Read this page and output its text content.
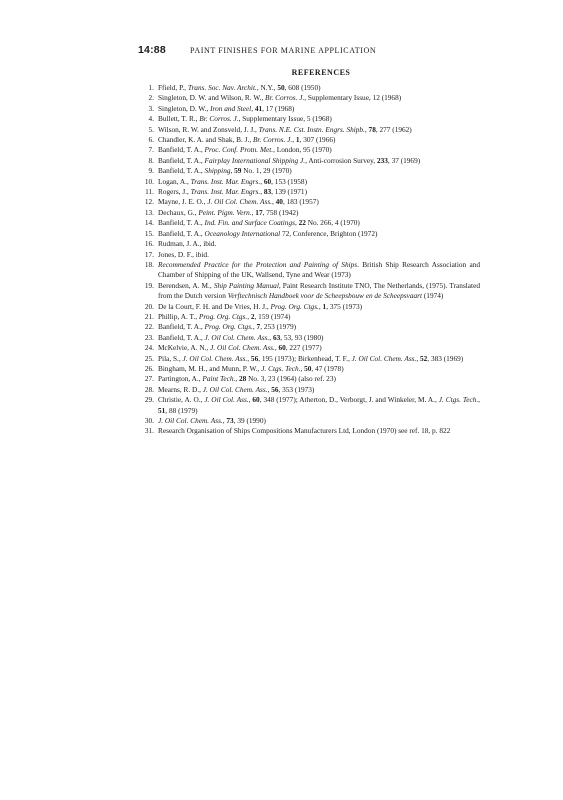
14:88	PAINT FINISHES FOR MARINE APPLICATION
REFERENCES
1. Ffield, P., Trans. Soc. Nav. Archit., N.Y., 50, 608 (1950)
2. Singleton, D. W. and Wilson, R. W., Br. Corros. J., Supplementary Issue, 12 (1968)
3. Singleton, D. W., Iron and Steel, 41, 17 (1968)
4. Bullett, T. R., Br. Corros. J., Supplementary Issue, 5 (1968)
5. Wilson, R. W. and Zonsveld, J. J., Trans. N.E. Cst. Instn. Engrs. Shipb., 78, 277 (1962)
6. Chandler, K. A. and Shak, B. J., Br. Corros. J., 1, 307 (1966)
7. Banfield, T. A., Proc. Conf. Protn. Met., London, 95 (1970)
8. Banfield, T. A., Fairplay International Shipping J., Anti-corrosion Survey, 233, 37 (1969)
9. Banfield, T. A., Shipping, 59 No. 1, 29 (1970)
10. Logan, A., Trans. Inst. Mar. Engrs., 60, 153 (1958)
11. Rogers, J., Trans. Inst. Mar. Engrs., 83, 139 (1971)
12. Mayne, J. E. O., J. Oil Col. Chem. Ass., 40, 183 (1957)
13. Dechaux, G., Peint. Pigm. Vern., 17, 758 (1942)
14. Banfield, T. A., Ind. Fin. and Surface Coatings, 22 No. 266, 4 (1970)
15. Banfield, T. A., Oceanology International 72, Conference, Brighton (1972)
16. Rudman, J. A., ibid.
17. Jones, D. F., ibid.
18. Recommended Practice for the Protection and Painting of Ships. British Ship Research Association and Chamber of Shipping of the UK, Wallsend, Tyne and Wear (1973)
19. Berendsen, A. M., Ship Painting Manual, Paint Research Institute TNO, The Netherlands, (1975). Translated from the Dutch version Verftechnisch Handboek voor de Scheepsbouw en de Scheepsvaart (1974)
20. De la Court, F. H. and De Vries, H. J., Prog. Org. Ctgs., 1, 375 (1973)
21. Phillip, A. T., Prog. Org. Ctgs., 2, 159 (1974)
22. Banfield, T. A., Prog. Org. Ctgs., 7, 253 (1979)
23. Banfield, T. A., J. Oil Col. Chem. Ass., 63, 53, 93 (1980)
24. McKelvie, A. N., J. Oil Col. Chem. Ass., 60, 227 (1977)
25. Pila, S., J. Oil Col. Chem. Ass., 56, 195 (1973); Birkenhead, T. F., J. Oil Col. Chem. Ass., 52, 383 (1969)
26. Bingham, M. H., and Munn, P. W., J. Ctgs. Tech., 50, 47 (1978)
27. Partington, A., Paint Tech., 28 No. 3, 23 (1964) (also ref. 23)
28. Mearns, R. D., J. Oil Col. Chem. Ass., 56, 353 (1973)
29. Christie, A. O., J. Oil Col. Ass., 60, 348 (1977); Atherton, D., Verborgt, J. and Winkeler, M. A., J. Ctgs. Tech., 51, 88 (1979)
30. J. Oil Col. Chem. Ass., 73, 39 (1990)
31. Research Organisation of Ships Compositions Manufacturers Ltd, London (1970) see ref. 18, p. 822
